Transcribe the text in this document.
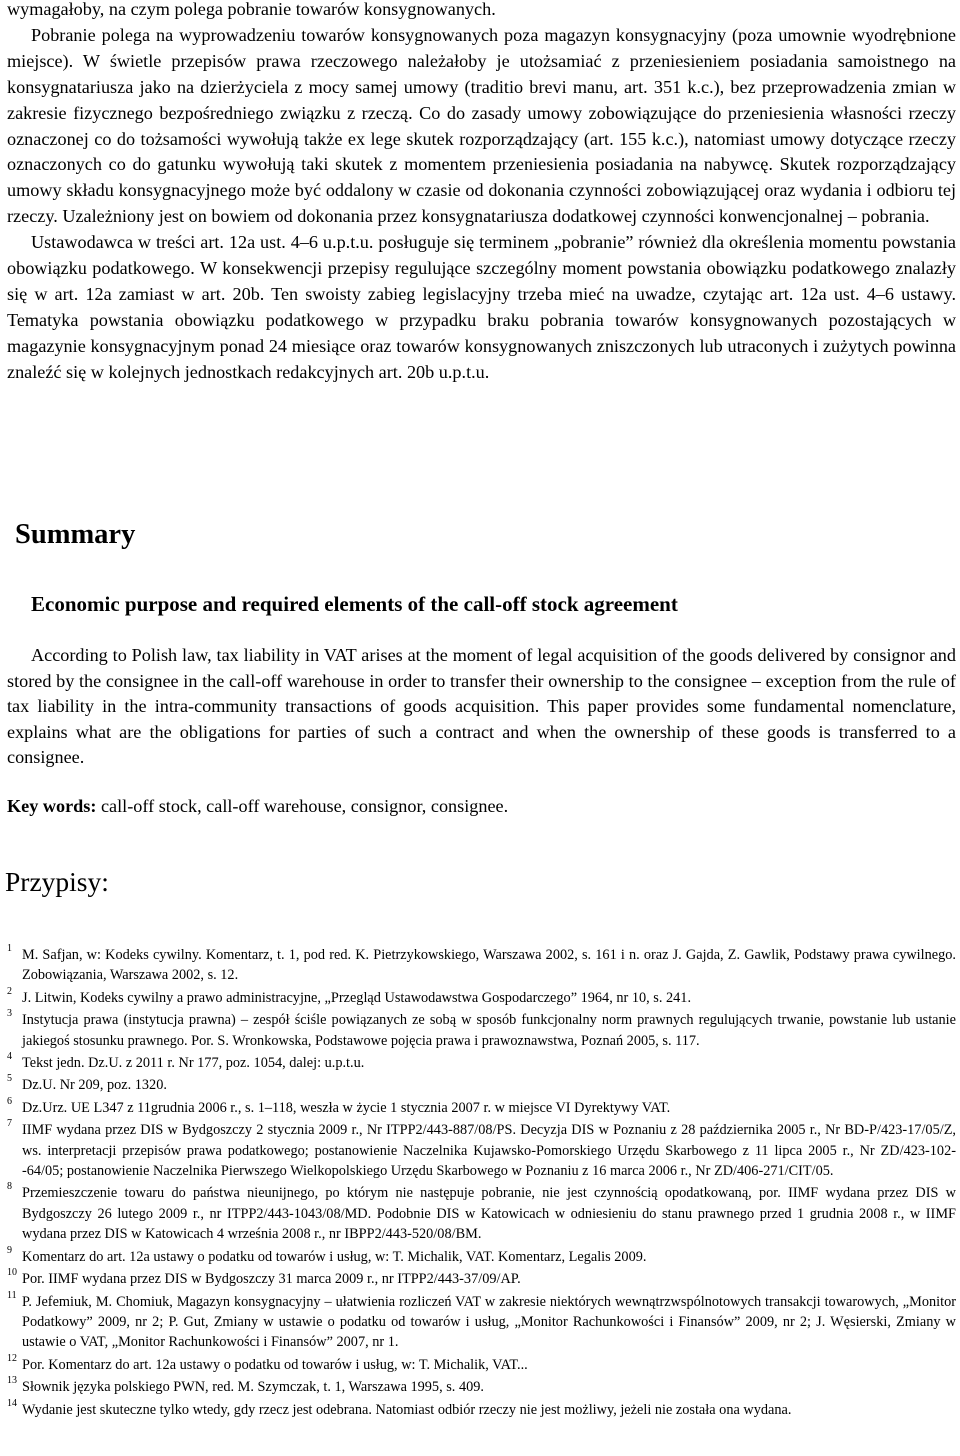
wymagałoby, na czym polega pobranie towarów konsygnowanych.

Pobranie polega na wyprowadzeniu towarów konsygnowanych poza magazyn konsygnacyjny (poza umownie wyodrębnione miejsce). W świetle przepisów prawa rzeczowego należałoby je utożsamiać z przeniesieniem posiadania samoistnego na konsygnatariusza jako na dzierżyciela z mocy samej umowy (traditio brevi manu, art. 351 k.c.), bez przeprowadzenia zmian w zakresie fizycznego bezpośredniego związku z rzeczą. Co do zasady umowy zobowiązujące do przeniesienia własności rzeczy oznaczonej co do tożsamości wywołują także ex lege skutek rozporządzający (art. 155 k.c.), natomiast umowy dotyczące rzeczy oznaczonych co do gatunku wywołują taki skutek z momentem przeniesienia posiadania na nabywcę. Skutek rozporządzający umowy składu konsygnacyjnego może być oddalony w czasie od dokonania czynności zobowiązującej oraz wydania i odbioru tej rzeczy. Uzależniony jest on bowiem od dokonania przez konsygnatariusza dodatkowej czynności konwencjonalnej – pobrania.

Ustawodawca w treści art. 12a ust. 4–6 u.p.t.u. posługuje się terminem „pobranie” również dla określenia momentu powstania obowiązku podatkowego. W konsekwencji przepisy regulujące szczególny moment powstania obowiązku podatkowego znalazły się w art. 12a zamiast w art. 20b. Ten swoisty zabieg legislacyjny trzeba mieć na uwadze, czytając art. 12a ust. 4–6 ustawy. Tematyka powstania obowiązku podatkowego w przypadku braku pobrania towarów konsygnowanych pozostających w magazynie konsygnacyjnym ponad 24 miesiące oraz towarów konsygnowanych zniszczonych lub utraconych i zużytych powinna znaleźć się w kolejnych jednostkach redakcyjnych art. 20b u.p.t.u.

Summary
Economic purpose and required elements of the call-off stock agreement

According to Polish law, tax liability in VAT arises at the moment of legal acquisition of the goods delivered by consignor and stored by the consignee in the call-off warehouse in order to transfer their ownership to the consignee – exception from the rule of tax liability in the intra-community transactions of goods acquisition. This paper provides some fundamental nomenclature, explains what are the obligations for parties of such a contract and when the ownership of these goods is transferred to a consignee.

Key words: call-off stock, call-off warehouse, consignor, consignee.
Przypisy:
1 M. Safjan, w: Kodeks cywilny. Komentarz, t. 1, pod red. K. Pietrzykowskiego, Warszawa 2002, s. 161 i n. oraz J. Gajda, Z. Gawlik, Podstawy prawa cywilnego. Zobowiązania, Warszawa 2002, s. 12.
2 J. Litwin, Kodeks cywilny a prawo administracyjne, „Przegląd Ustawodawstwa Gospodarczego” 1964, nr 10, s. 241.
3 Instytucja prawa (instytucja prawna) – zespół ściśle powiązanych ze sobą w sposób funkcjonalny norm prawnych regulujących trwanie, powstanie lub ustanie jakiegoś stosunku prawnego. Por. S. Wronkowska, Podstawowe pojęcia prawa i prawoznawstwa, Poznań 2005, s. 117.
4 Tekst jedn. Dz.U. z 2011 r. Nr 177, poz. 1054, dalej: u.p.t.u.
5 Dz.U. Nr 209, poz. 1320.
6 Dz.Urz. UE L347 z 11grudnia 2006 r., s. 1–118, weszła w życie 1 stycznia 2007 r. w miejsce VI Dyrektywy VAT.
7 IIMF wydana przez DIS w Bydgoszczy 2 stycznia 2009 r., Nr ITPP2/443-887/08/PS. Decyzja DIS w Poznaniu z 28 października 2005 r., Nr BD-P/423-17/05/Z, ws. interpretacji przepisów prawa podatkowego; postanowienie Naczelnika Kujawsko-Pomorskiego Urzędu Skarbowego z 11 lipca 2005 r., Nr ZD/423-102--64/05; postanowienie Naczelnika Pierwszego Wielkopolskiego Urzędu Skarbowego w Poznaniu z 16 marca 2006 r., Nr ZD/406-271/CIT/05.
8 Przemieszczenie towaru do państwa nieunijnego, po którym nie następuje pobranie, nie jest czynnością opodatkowaną, por. IIMF wydana przez DIS w Bydgoszczy 26 lutego 2009 r., nr ITPP2/443-1043/08/MD. Podobnie DIS w Katowicach w odniesieniu do stanu prawnego przed 1 grudnia 2008 r., w IIMF wydana przez DIS w Katowicach 4 września 2008 r., nr IBPP2/443-520/08/BM.
9 Komentarz do art. 12a ustawy o podatku od towarów i usług, w: T. Michalik, VAT. Komentarz, Legalis 2009.
10 Por. IIMF wydana przez DIS w Bydgoszczy 31 marca 2009 r., nr ITPP2/443-37/09/AP.
11 P. Jefemiuk, M. Chomiuk, Magazyn konsygnacyjny – ułatwienia rozliczeń VAT w zakresie niektórych wewnątrzwspólnotowych transakcji towarowych, „Monitor Podatkowy” 2009, nr 2; P. Gut, Zmiany w ustawie o podatku od towarów i usług, „Monitor Rachunkowości i Finansów” 2009, nr 2; J. Węsierski, Zmiany w ustawie o VAT, „Monitor Rachunkowości i Finansów” 2007, nr 1.
12 Por. Komentarz do art. 12a ustawy o podatku od towarów i usług, w: T. Michalik, VAT...
13 Słownik języka polskiego PWN, red. M. Szymczak, t. 1, Warszawa 1995, s. 409.
14 Wydanie jest skuteczne tylko wtedy, gdy rzecz jest odebrana. Natomiast odbiór rzeczy nie jest możliwy, jeżeli nie została ona wydana.
